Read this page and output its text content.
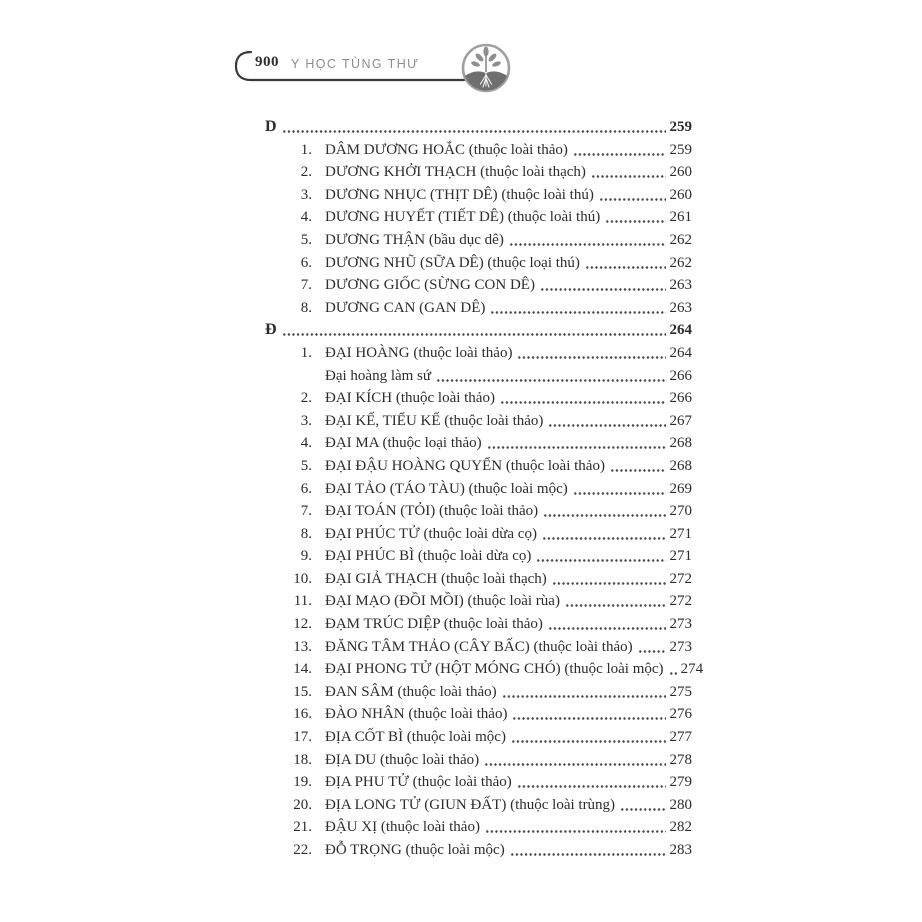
900 Y HỌC TÙNG THƯ
D	259
1. DÂM DƯƠNG HOẮC (thuộc loài thảo)	259
2. DƯƠNG KHỞI THẠCH (thuộc loài thạch)	260
3. DƯƠNG NHỤC (THỊT DÊ) (thuộc loài thú)	260
4. DƯƠNG HUYẾT (TIẾT DÊ) (thuộc loài thú)	261
5. DƯƠNG THẬN (bầu dục dê)	262
6. DƯƠNG NHŨ (SỮA DÊ) (thuộc loại thú)	262
7. DƯƠNG GIỐC (SỪNG CON DÊ)	263
8. DƯƠNG CAN (GAN DÊ)	263
Đ	264
1. ĐẠI HOÀNG (thuộc loài thảo)	264
Đại hoàng làm sứ	266
2. ĐẠI KÍCH (thuộc loài thảo)	266
3. ĐẠI KẾ, TIỂU KẾ (thuộc loài thảo)	267
4. ĐẠI MA (thuộc loại thảo)	268
5. ĐẠI ĐẬU HOÀNG QUYỂN (thuộc loài thảo)	268
6. ĐẠI TẢO (TÁO TÀU) (thuộc loài mộc)	269
7. ĐẠI TOÁN (TỎI) (thuộc loài thảo)	270
8. ĐẠI PHÚC TỬ (thuộc loài dừa cọ)	271
9. ĐẠI PHÚC BÌ (thuộc loài dừa cọ)	271
10. ĐẠI GIẢ THẠCH (thuộc loài thạch)	272
11. ĐẠI MẠO (ĐỒI MỒI) (thuộc loài rùa)	272
12. ĐẠM TRÚC DIỆP (thuộc loài thảo)	273
13. ĐĂNG TÂM THẢO (CÂY BẤC) (thuộc loài thảo) 273
14. ĐẠI PHONG TỬ (HỘT MÓNG CHÓ) (thuộc loài mộc) 274
15. ĐAN SÂM (thuộc loài thảo)	275
16. ĐÀO NHÂN (thuộc loài thảo)	276
17. ĐỊA CỐT BÌ (thuộc loài mộc)	277
18. ĐỊA DU (thuộc loài thảo)	278
19. ĐỊA PHU TỬ (thuộc loài thảo)	279
20. ĐỊA LONG TỬ (GIUN ĐẤT) (thuộc loài trùng)	280
21. ĐẬU XỊ (thuộc loài thảo)	282
22. ĐỖ TRỌNG (thuộc loài mộc)	283
